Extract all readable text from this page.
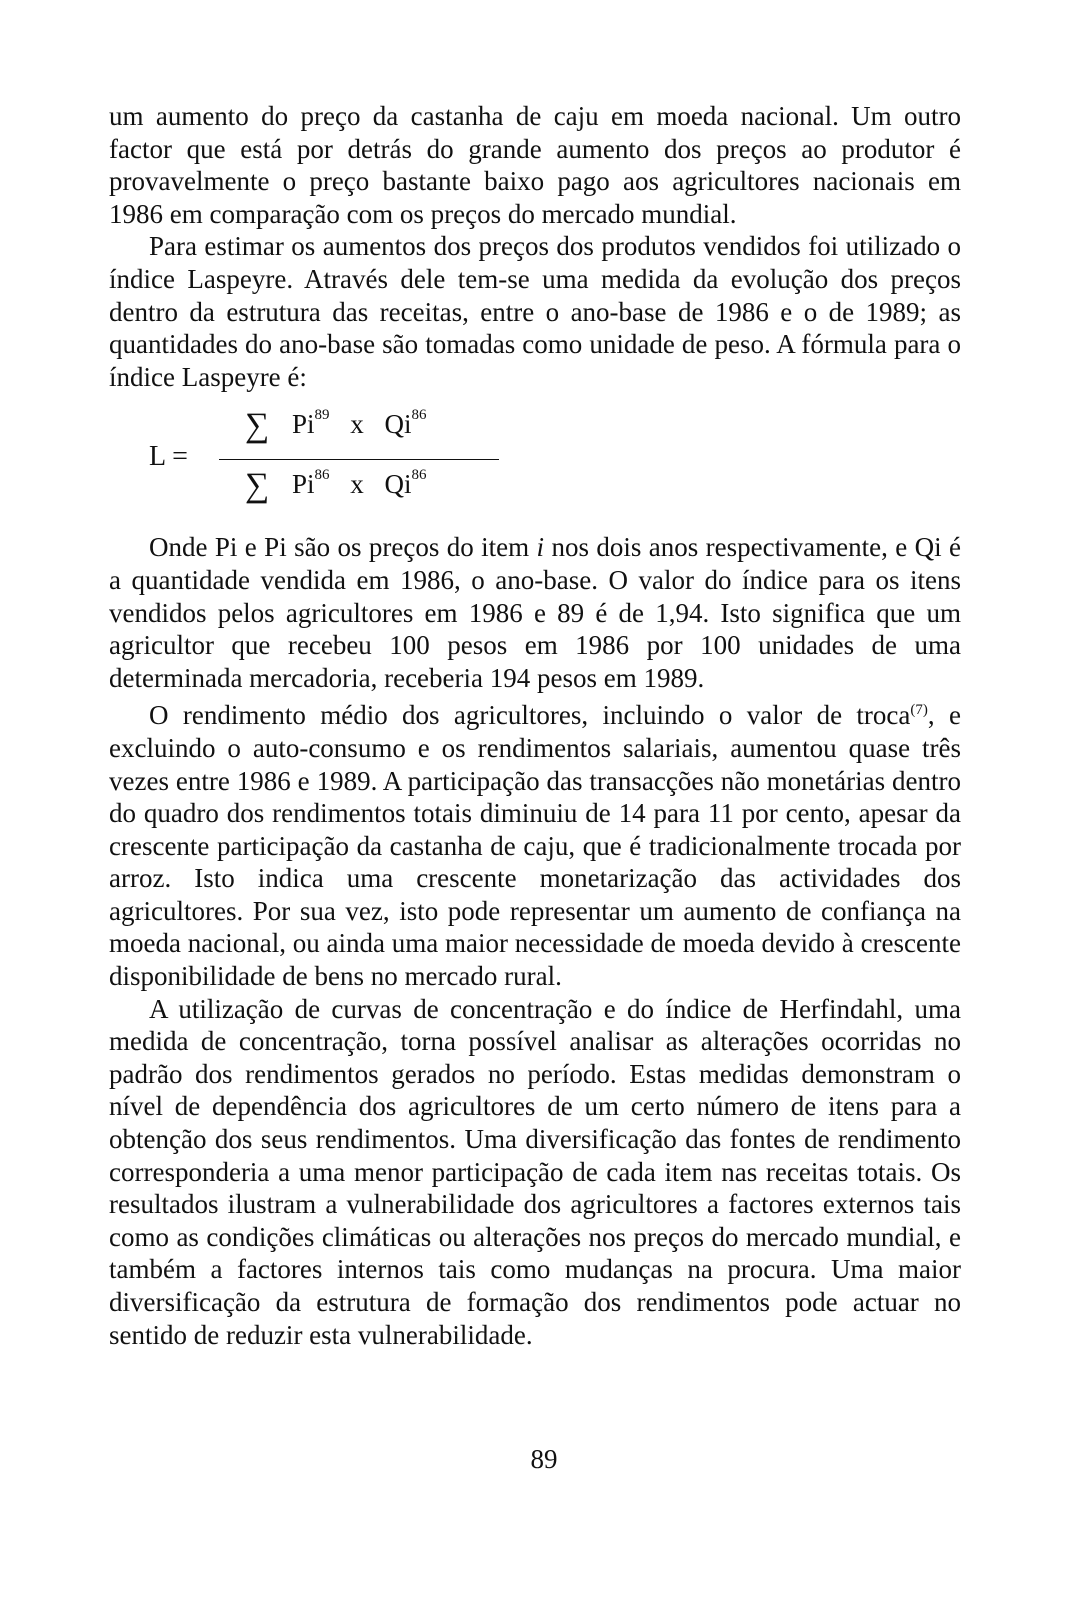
um aumento do preço da castanha de caju em moeda nacional. Um outro factor que está por detrás do grande aumento dos preços ao produtor é provavelmente o preço bastante baixo pago aos agricultores nacionais em 1986 em comparação com os preços do mercado mundial.

Para estimar os aumentos dos preços dos produtos vendidos foi utilizado o índice Laspeyre. Através dele tem-se uma medida da evolução dos preços dentro da estrutura das receitas, entre o ano-base de 1986 e o de 1989; as quantidades do ano-base são tomadas como unidade de peso. A fórmula para o índice Laspeyre é:

L =
∑ Pi$^{89}$ x Qi$^{86}$
∑ Pi$^{86}$ x Qi$^{86}$

Onde Pi e Pi são os preços do item i nos dois anos respectivamente, e Qi é a quantidade vendida em 1986, o ano-base. O valor do índice para os itens vendidos pelos agricultores em 1986 e 89 é de 1,94. Isto significa que um agricultor que recebeu 100 pesos em 1986 por 100 unidades de uma determinada mercadoria, receberia 194 pesos em 1989.

O rendimento médio dos agricultores, incluindo o valor de troca$^{(7)}$, e excluindo o auto-consumo e os rendimentos salariais, aumentou quase três vezes entre 1986 e 1989. A participação das transacções não monetárias dentro do quadro dos rendimentos totais diminuiu de 14 para 11 por cento, apesar da crescente participação da castanha de caju, que é tradicionalmente trocada por arroz. Isto indica uma crescente monetarização das actividades dos agricultores. Por sua vez, isto pode representar um aumento de confiança na moeda nacional, ou ainda uma maior necessidade de moeda devido à crescente disponibilidade de bens no mercado rural.

A utilização de curvas de concentração e do índice de Herfindahl, uma medida de concentração, torna possível analisar as alterações ocorridas no padrão dos rendimentos gerados no período. Estas medidas demonstram o nível de dependência dos agricultores de um certo número de itens para a obtenção dos seus rendimentos. Uma diversificação das fontes de rendimento corresponderia a uma menor participação de cada item nas receitas totais. Os resultados ilustram a vulnerabilidade dos agricultores a factores externos tais como as condições climáticas ou alterações nos preços do mercado mundial, e também a factores internos tais como mudanças na procura. Uma maior diversificação da estrutura de formação dos rendimentos pode actuar no sentido de reduzir esta vulnerabilidade.

89
